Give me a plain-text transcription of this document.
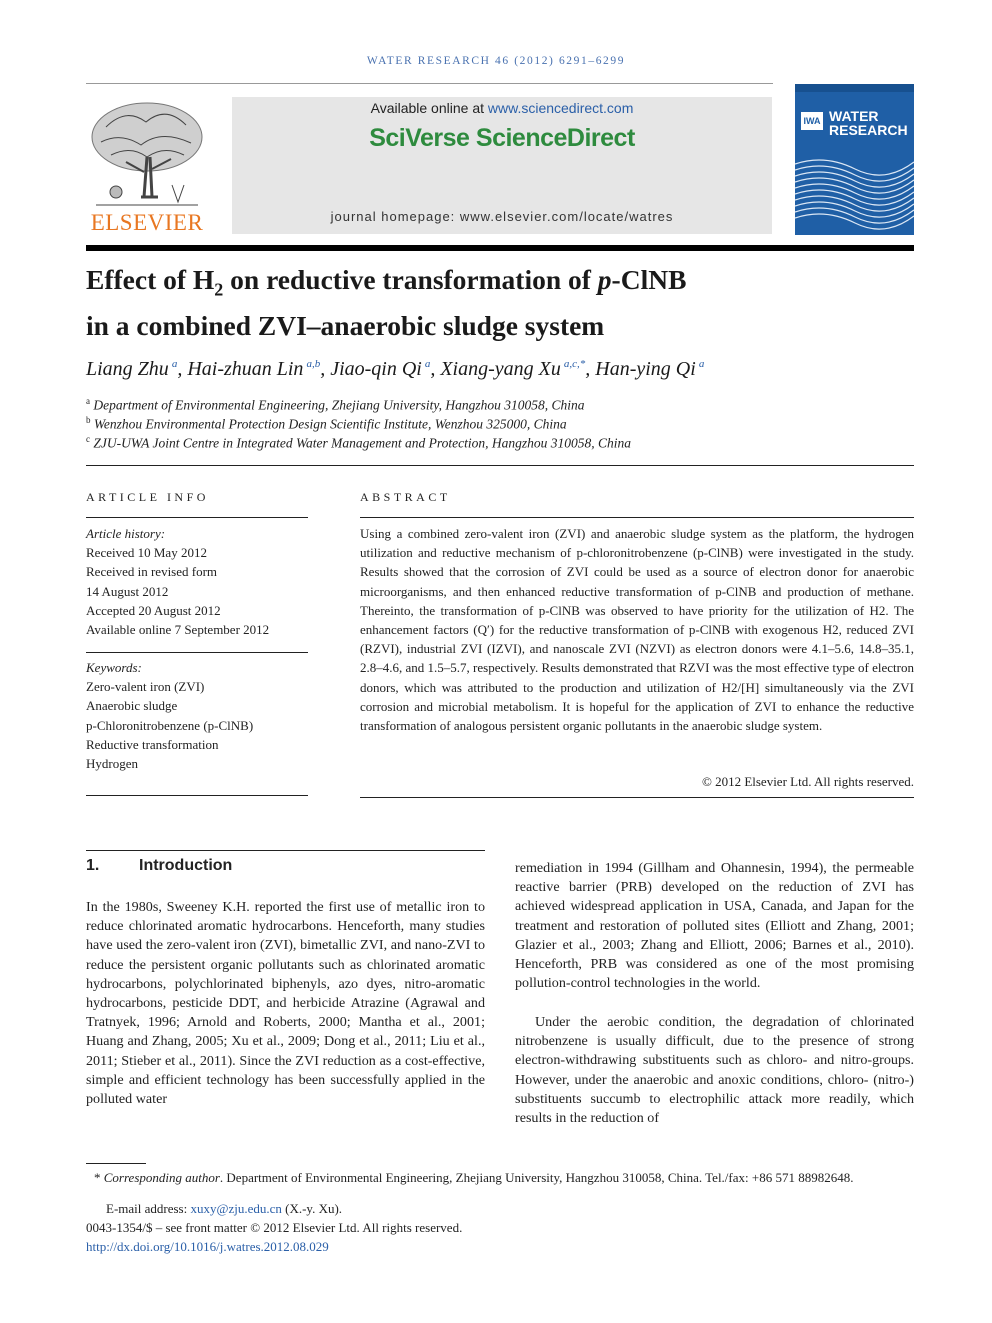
WATER RESEARCH 46 (2012) 6291–6299
ELSEVIER
Available online at www.sciencedirect.com
SciVerse ScienceDirect
journal homepage: www.elsevier.com/locate/watres
IWA WATER
RESEARCH
Effect of $H_2$ on reductive transformation of p-ClNB
in a combined ZVI–anaerobic sludge system
Liang Zhu $^a$, Hai-zhuan Lin $^{a,b}$, Jiao-qin Qi $^a$, Xiang-yang Xu $^{a,c,*}$, Han-ying Qi $^a$
$^a$ Department of Environmental Engineering, Zhejiang University, Hangzhou 310058, China
$^b$ Wenzhou Environmental Protection Design Scientific Institute, Wenzhou 325000, China
$^c$ ZJU-UWA Joint Centre in Integrated Water Management and Protection, Hangzhou 310058, China
ARTICLE INFO
Article history:
Received 10 May 2012
Received in revised form
14 August 2012
Accepted 20 August 2012
Available online 7 September 2012
Keywords:
Zero-valent iron (ZVI)
Anaerobic sludge
p-Chloronitrobenzene (p-ClNB)
Reductive transformation
Hydrogen
ABSTRACT
Using a combined zero-valent iron (ZVI) and anaerobic sludge system as the platform, the hydrogen utilization and reductive mechanism of p-chloronitrobenzene (p-ClNB) were investigated in the study. Results showed that the corrosion of ZVI could be used as a source of electron donor for anaerobic microorganisms, and then enhanced reductive transformation of p-ClNB and production of methane. Thereinto, the transformation of p-ClNB was observed to have priority for the utilization of H2. The enhancement factors (Q′) for the reductive transformation of p-ClNB with exogenous H2, reduced ZVI (RZVI), industrial ZVI (IZVI), and nanoscale ZVI (NZVI) as electron donors were 4.1–5.6, 14.8–35.1, 2.8–4.6, and 1.5–5.7, respectively. Results demonstrated that RZVI was the most effective type of electron donors, which was attributed to the production and utilization of H2/[H] simultaneously via the ZVI corrosion and microbial metabolism. It is hopeful for the application of ZVI to enhance the reductive transformation of analogous persistent organic pollutants in the anaerobic sludge system.
© 2012 Elsevier Ltd. All rights reserved.
1. Introduction

In the 1980s, Sweeney K.H. reported the first use of metallic iron to reduce chlorinated aromatic hydrocarbons. Henceforth, many studies have used the zero-valent iron (ZVI), bimetallic ZVI, and nano-ZVI to reduce the persistent organic pollutants such as chlorinated aromatic hydrocarbons, polychlorinated biphenyls, azo dyes, nitro-aromatic hydrocarbons, pesticide DDT, and herbicide Atrazine (Agrawal and Tratnyek, 1996; Arnold and Roberts, 2000; Mantha et al., 2001; Huang and Zhang, 2005; Xu et al., 2009; Dong et al., 2011; Liu et al., 2011; Stieber et al., 2011). Since the ZVI reduction as a cost-effective, simple and efficient technology has been successfully applied in the polluted water

remediation in 1994 (Gillham and Ohannesin, 1994), the permeable reactive barrier (PRB) developed on the reduction of ZVI has achieved widespread application in USA, Canada, and Japan for the treatment and restoration of polluted sites (Elliott and Zhang, 2001; Glazier et al., 2003; Zhang and Elliott, 2006; Barnes et al., 2010). Henceforth, PRB was considered as one of the most promising pollution-control technologies in the world.

Under the aerobic condition, the degradation of chlorinated nitrobenzene is usually difficult, due to the presence of strong electron-withdrawing substituents such as chloro- and nitro-groups. However, under the anaerobic and anoxic conditions, chloro- (nitro-) substituents succumb to electrophilic attack more readily, which results in the reduction of

* Corresponding author. Department of Environmental Engineering, Zhejiang University, Hangzhou 310058, China. Tel./fax: +86 571 88982648.
E-mail address: xuxy@zju.edu.cn (X.-y. Xu).
0043-1354/$ – see front matter © 2012 Elsevier Ltd. All rights reserved.
http://dx.doi.org/10.1016/j.watres.2012.08.029
